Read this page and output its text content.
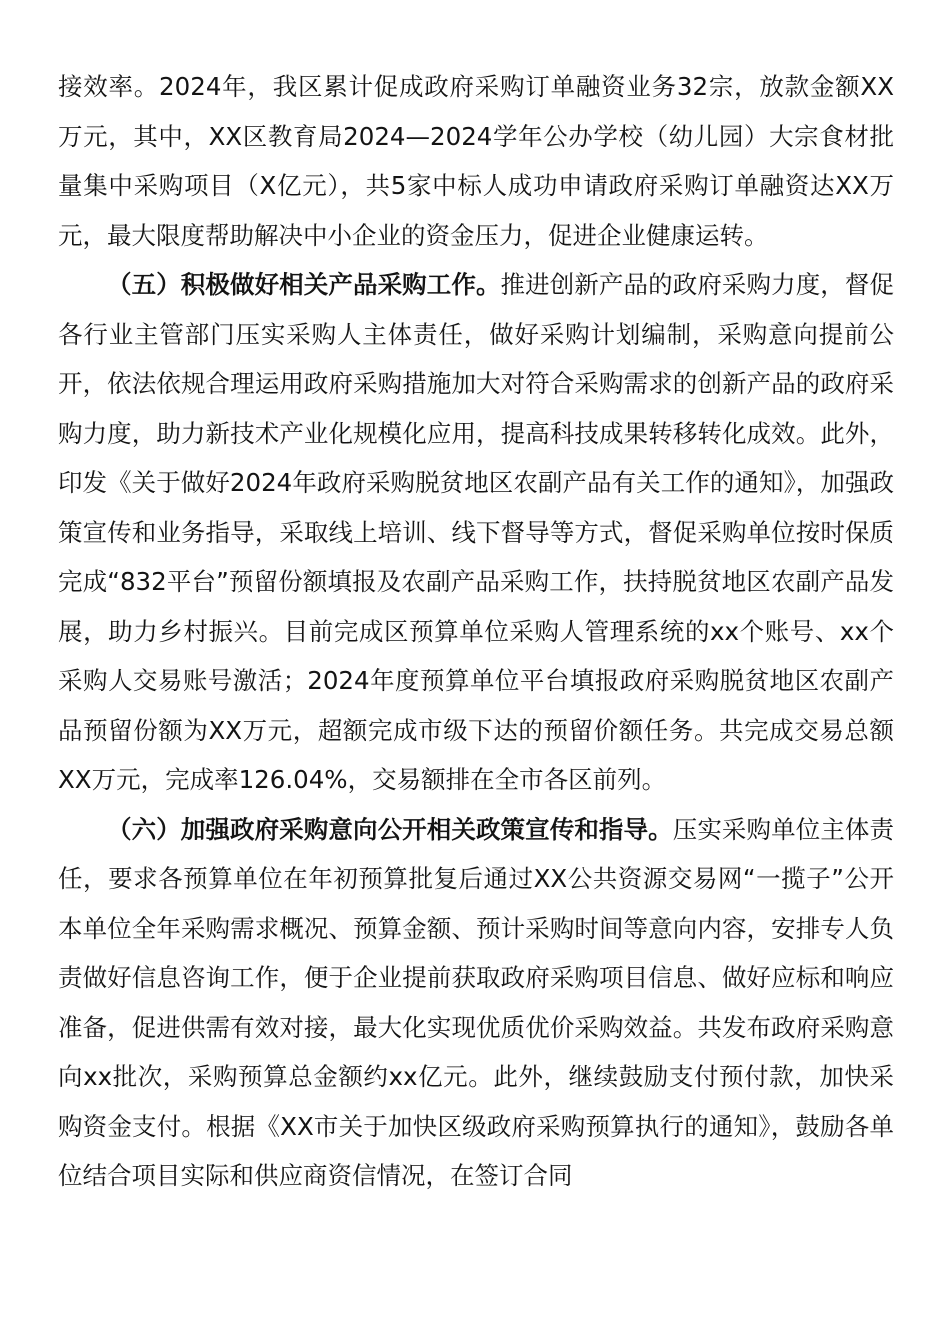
接效率。2024年，我区累计促成政府采购订单融资业务32宗，放款金额XX万元，其中，XX区教育局2024—2024学年公办学校（幼儿园）大宗食材批量集中采购项目（X亿元），共5家中标人成功申请政府采购订单融资达XX万元，最大限度帮助解决中小企业的资金压力，促进企业健康运转。

（五）积极做好相关产品采购工作。推进创新产品的政府采购力度，督促各行业主管部门压实采购人主体责任，做好采购计划编制，采购意向提前公开，依法依规合理运用政府采购措施加大对符合采购需求的创新产品的政府采购力度，助力新技术产业化规模化应用，提高科技成果转移转化成效。此外，印发《关于做好2024年政府采购脱贫地区农副产品有关工作的通知》，加强政策宣传和业务指导，采取线上培训、线下督导等方式，督促采购单位按时保质完成“832平台”预留份额填报及农副产品采购工作，扶持脱贫地区农副产品发展，助力乡村振兴。目前完成区预算单位采购人管理系统的xx个账号、xx个采购人交易账号激活；2024年度预算单位平台填报政府采购脱贫地区农副产品预留份额为XX万元，超额完成市级下达的预留价额任务。共完成交易总额XX万元，完成率126.04%，交易额排在全市各区前列。

（六）加强政府采购意向公开相关政策宣传和指导。压实采购单位主体责任，要求各预算单位在年初预算批复后通过XX公共资源交易网“一揽子”公开本单位全年采购需求概况、预算金额、预计采购时间等意向内容，安排专人负责做好信息咨询工作，便于企业提前获取政府采购项目信息、做好应标和响应准备，促进供需有效对接，最大化实现优质优价采购效益。共发布政府采购意向xx批次，采购预算总金额约xx亿元。此外，继续鼓励支付预付款，加快采购资金支付。根据《XX市关于加快区级政府采购预算执行的通知》，鼓励各单位结合项目实际和供应商资信情况，在签订合同
